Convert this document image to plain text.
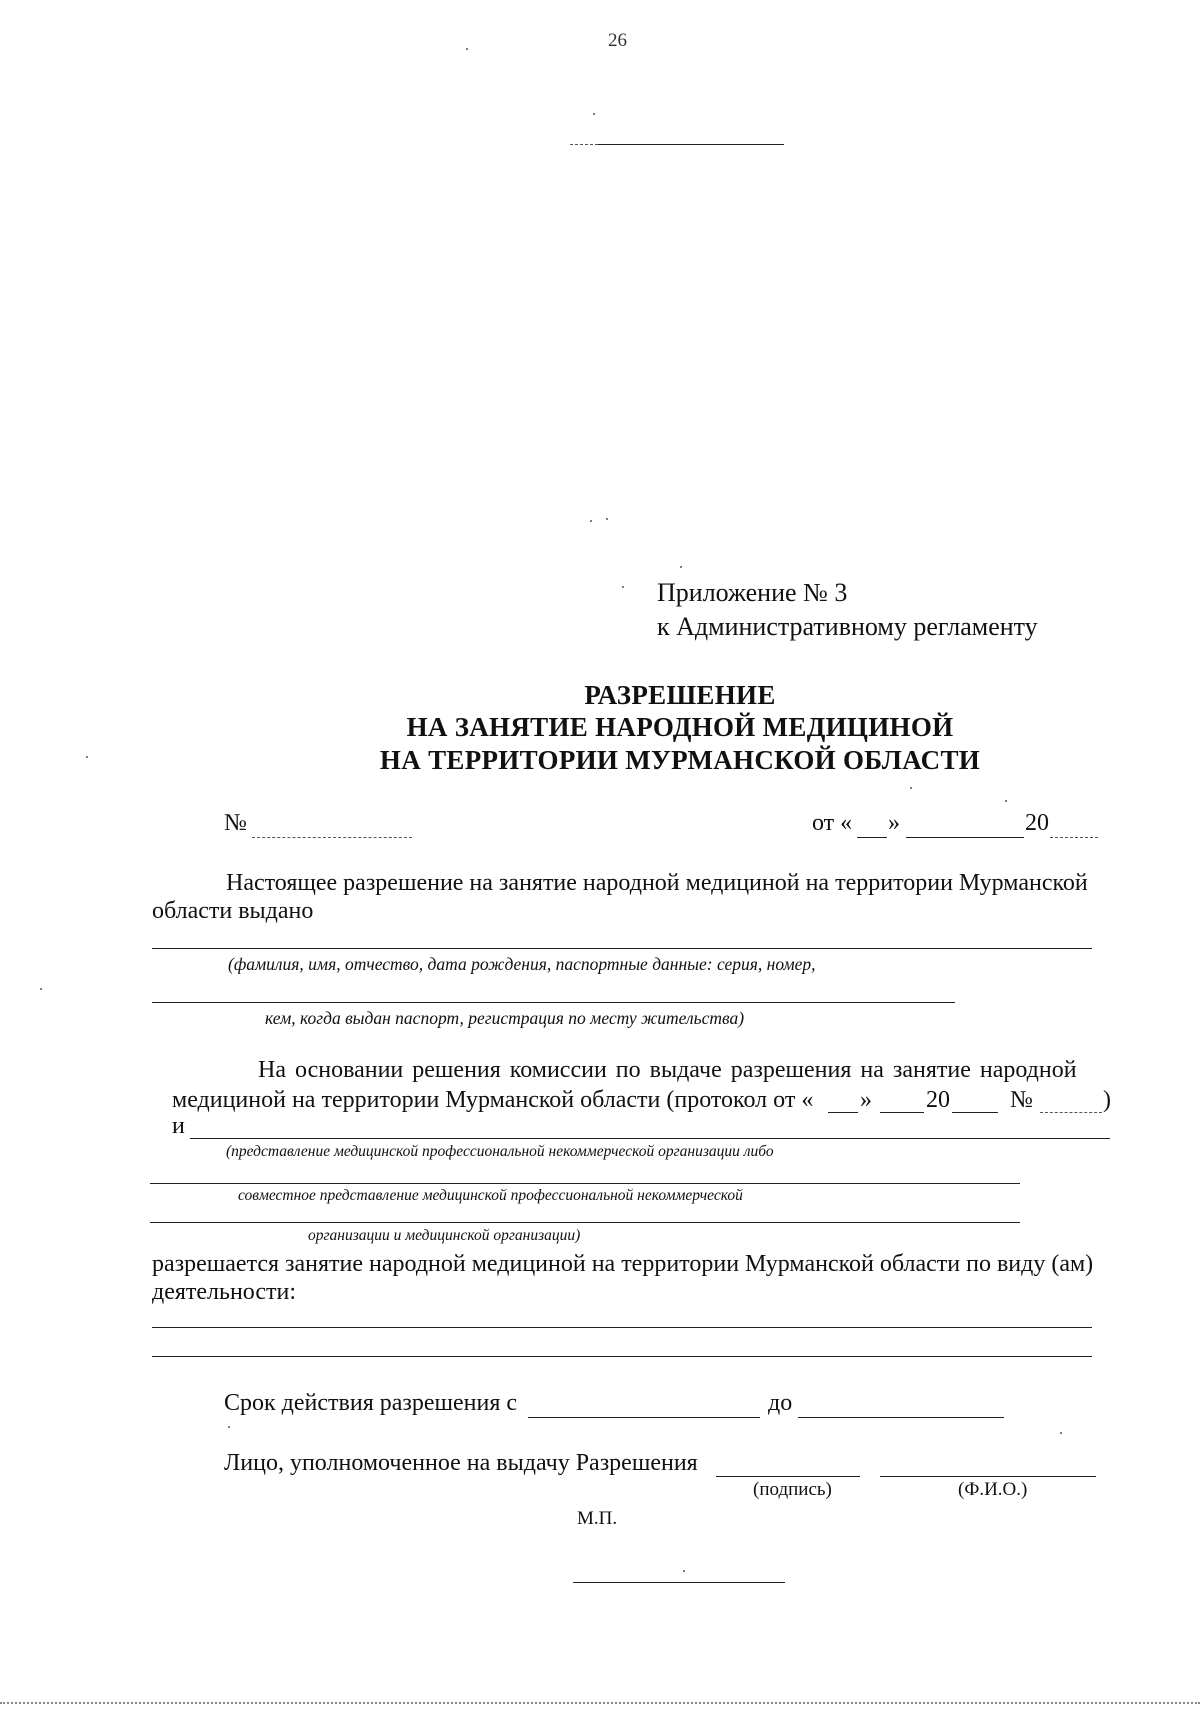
26
Приложение № 3
к Административному регламенту
РАЗРЕШЕНИЕ
НА ЗАНЯТИЕ НАРОДНОЙ МЕДИЦИНОЙ
НА ТЕРРИТОРИИ МУРМАНСКОЙ ОБЛАСТИ
№	от « »	20
Настоящее разрешение на занятие народной медициной на территории Мурманской
области выдано
(фамилия, имя, отчество, дата рождения, паспортные данные: серия, номер,
кем, когда выдан паспорт, регистрация по месту жительства)
На основании решения комиссии по выдаче разрешения на занятие народной
медициной на территории Мурманской области (протокол от « » 20	№	)
и
(представление медицинской профессиональной некоммерческой организации либо
совместное представление медицинской профессиональной некоммерческой
организации и медицинской организации)
разрешается занятие народной медициной на территории Мурманской области по виду (ам)
деятельности:
Срок действия разрешения с	до
Лицо, уполномоченное на выдачу Разрешения
(подпись)	(Ф.И.О.)
М.П.
